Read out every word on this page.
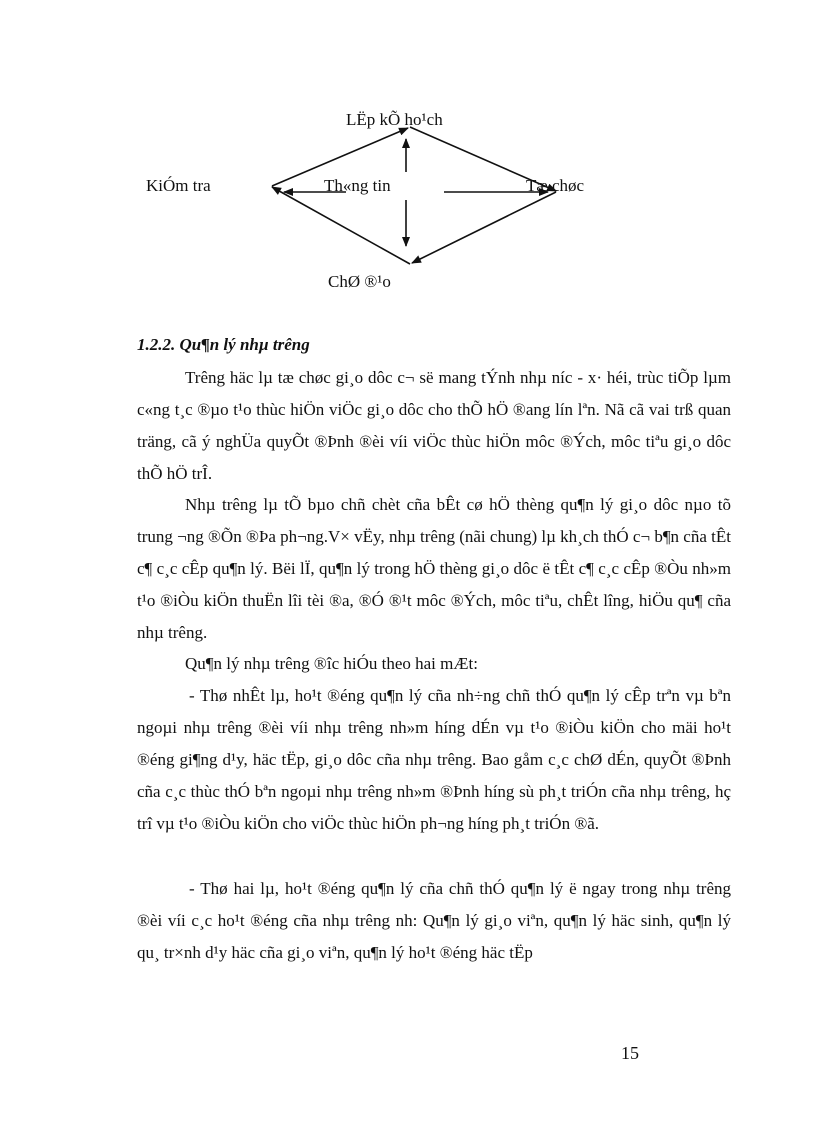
LËp kÕ ho¹ch
KiÓm tra	Th«ng tin	Tæ chøc
ChØ ®¹o
1.2.2. Qu¶n lý nhµ trêng

Trêng häc lµ tæ chøc gi¸o dôc c¬ së mang tÝnh nhµ níc - x· héi, trùc tiÕp lµm c«ng t¸c ®µo t¹o thùc hiÖn viÖc gi¸o dôc cho thÕ hÖ ®ang lín lªn. Nã cã vai trß quan träng, cã ý nghÜa quyÕt ®Þnh ®èi víi viÖc thùc hiÖn môc ®Ých, môc tiªu gi¸o dôc thÕ hÖ trÎ.

Nhµ trêng lµ tÕ bµo chñ chèt cña bÊt cø hÖ thèng qu¶n lý gi¸o dôc nµo tõ trung ¬ng ®Õn ®Þa ph¬ng.V× vËy, nhµ trêng (nãi chung) lµ kh¸ch thÓ c¬ b¶n cña tÊt c¶ c¸c cÊp qu¶n lý. Bëi lÏ, qu¶n lý trong hÖ thèng gi¸o dôc ë tÊt c¶ c¸c cÊp ®Òu nh»m t¹o ®iÒu kiÖn thuËn lîi tèi ®a, ®Ó ®¹t môc ®Ých, môc tiªu, chÊt lîng, hiÖu qu¶ cña nhµ trêng.

Qu¶n lý nhµ trêng ®îc hiÓu theo hai mÆt:

- Thø nhÊt lµ, ho¹t ®éng qu¶n lý cña nh÷ng chñ thÓ qu¶n lý cÊp trªn vµ bªn ngoµi nhµ trêng ®èi víi nhµ trêng nh»m híng dÉn vµ t¹o ®iÒu kiÖn cho mäi ho¹t ®éng gi¶ng d¹y, häc tËp, gi¸o dôc cña nhµ trêng. Bao gåm c¸c chØ dÉn, quyÕt ®Þnh cña c¸c thùc thÓ bªn ngoµi nhµ trêng nh»m ®Þnh híng sù ph¸t triÓn cña nhµ trêng, hç trî vµ t¹o ®iÒu kiÖn cho viÖc thùc hiÖn ph¬ng híng ph¸t triÓn ®ã.

- Thø hai lµ, ho¹t ®éng qu¶n lý cña chñ thÓ qu¶n lý ë ngay trong nhµ trêng ®èi víi c¸c ho¹t ®éng cña nhµ trêng nh: Qu¶n lý gi¸o viªn, qu¶n lý häc sinh, qu¶n lý qu¸ tr×nh d¹y häc cña gi¸o viªn, qu¶n lý ho¹t ®éng häc tËp

15
